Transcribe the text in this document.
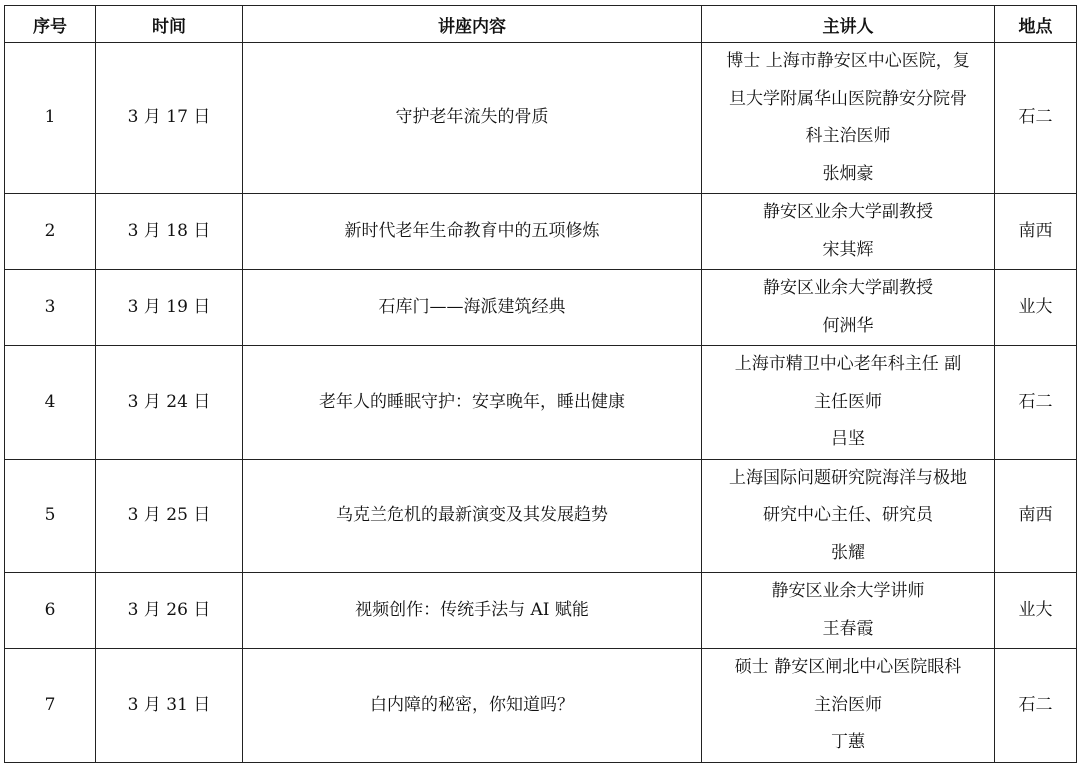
序号	时间	讲座内容	主讲人	地点
1	3 月 17 日	守护老年流失的骨质	博士 上海市静安区中心医院，复
旦大学附属华山医院静安分院骨
科主治医师
张炯豪	石二
2	3 月 18 日	新时代老年生命教育中的五项修炼	静安区业余大学副教授
宋其辉	南西
3	3 月 19 日	石库门——海派建筑经典	静安区业余大学副教授
何洲华	业大
4	3 月 24 日	老年人的睡眠守护：安享晚年，睡出健康	上海市精卫中心老年科主任 副
主任医师
吕坚	石二
5	3 月 25 日	乌克兰危机的最新演变及其发展趋势	上海国际问题研究院海洋与极地
研究中心主任、研究员
张耀	南西
6	3 月 26 日	视频创作：传统手法与 AI 赋能	静安区业余大学讲师
王春霞	业大
7	3 月 31 日	白内障的秘密，你知道吗？	硕士 静安区闸北中心医院眼科
主治医师
丁蕙	石二
